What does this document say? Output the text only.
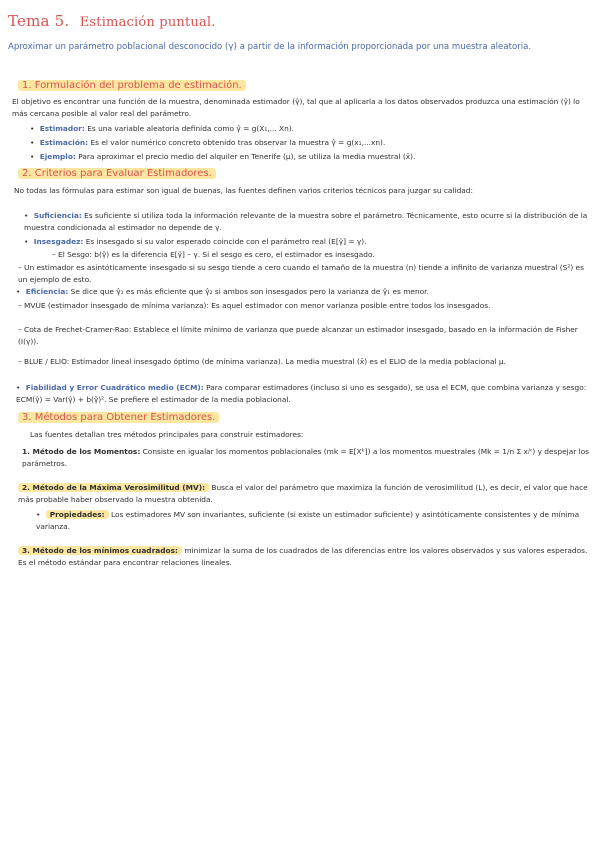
Tema 5. Estimación puntual.
Aproximar un parámetro poblacional desconocido (γ) a partir de la información proporcionada por una muestra aleatoria.
1. Formulación del problema de estimación.
El objetivo es encontrar una función de la muestra, denominada estimador (γ̂), tal que al aplicarla a los datos observados produzca una estimación (γ̂) lo más cercana posible al valor real del parámetro.
• Estimador: Es una variable aleatoria definida como γ̂ = g(X₁,... Xn).
• Estimación: Es el valor numérico concreto obtenido tras observar la muestra γ̂ = g(x₁,...xn).
• Ejemplo: Para aproximar el precio medio del alquiler en Tenerife (μ), se utiliza la media muestral (x̄).
2. Criterios para Evaluar Estimadores.
No todas las fórmulas para estimar son igual de buenas, las fuentes definen varios criterios técnicos para juzgar su calidad:
• Suficiencia: Es suficiente si utiliza toda la información relevante de la muestra sobre el parámetro. Técnicamente, esto ocurre si la distribución de la muestra condicionada al estimador no depende de γ.
• Insesgadez: Es insesgado si su valor esperado coincide con el parámetro real (E[γ̂] = γ).
– El Sesgo: b(γ̂) es la diferencia E[γ̂] – γ. Si el sesgo es cero, el estimador es insesgado.
– Un estimador es asintóticamente insesgado si su sesgo tiende a cero cuando el tamaño de la muestra (n) tiende a infinito de varianza muestral (S²) es un ejemplo de esto.
• Eficiencia: Se dice que γ̂₁ es más eficiente que γ̂₂ si ambos son insesgados pero la varianza de γ̂₁ es menor.
– MVUE (estimador insesgado de mínima varianza): Es aquel estimador con menor varianza posible entre todos los insesgados.
– Cota de Frechet-Cramer-Rao: Establece el límite mínimo de varianza que puede alcanzar un estimador insesgado, basado en la información de Fisher (I(γ)).
– BLUE / ELIO: Estimador lineal insesgado óptimo (de mínima varianza). La media muestral (x̄) es el ELIO de la media poblacional μ.
• Fiabilidad y Error Cuadrático medio (ECM): Para comparar estimadores (incluso si uno es sesgado), se usa el ECM, que combina varianza y sesgo: ECM(γ̂) = Var(γ̂) + b(γ̂)². Se prefiere el estimador de la media poblacional.
3. Métodos para Obtener Estimadores.
Las fuentes detallan tres métodos principales para construir estimadores:
1. Método de los Momentos: Consiste en igualar los momentos poblacionales (mk = E[Xᵏ]) a los momentos muestrales (Mk = 1/n Σ xᵢᵏ) y despejar los parámetros.
2. Método de la Máxima Verosimilitud (MV): Busca el valor del parámetro que maximiza la función de verosimilitud (L), es decir, el valor que hace más probable haber observado la muestra obtenida.
• Propiedades: Los estimadores MV son invariantes, suficiente (si existe un estimador suficiente) y asintóticamente consistentes y de mínima varianza.
3. Método de los mínimos cuadrados: minimizar la suma de los cuadrados de las diferencias entre los valores observados y sus valores esperados. Es el método estándar para encontrar relaciones lineales.
